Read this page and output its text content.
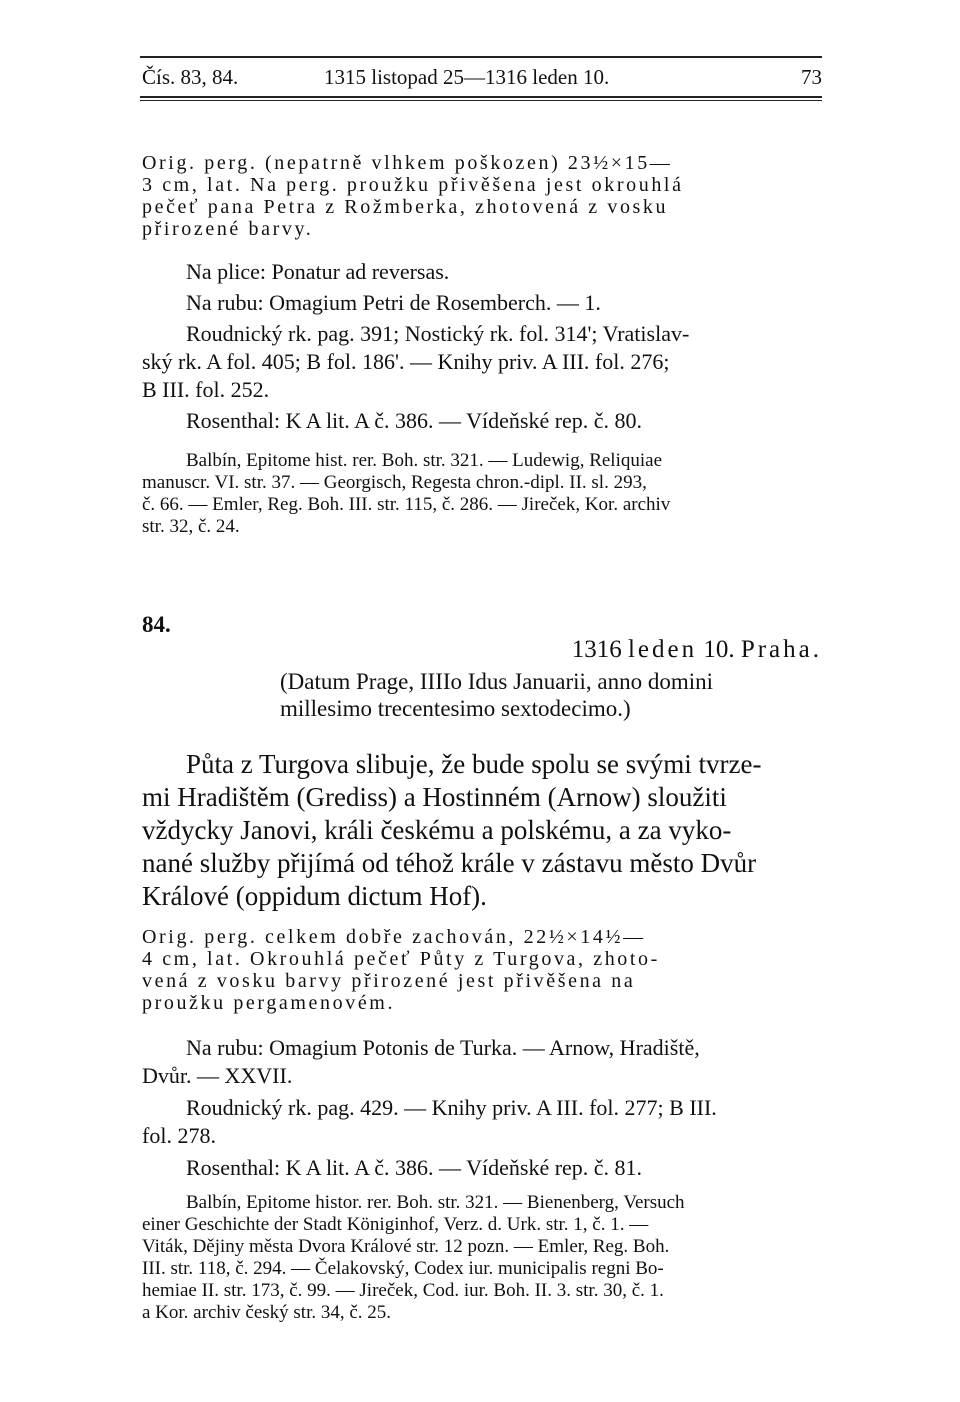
Čís. 83, 84.	1315 listopad 25—1316 leden 10.	73
Orig. perg. (nepatrně vlhkem poškozen) 23½×15—
3 cm, lat. Na perg. proužku přivěšena jest okrouhlá
pečeť pana Petra z Rožmberka, zhotovená z vosku
přirozené barvy.

Na plice: Ponatur ad reversas.

Na rubu: Omagium Petri de Rosemberch. — 1.

Roudnický rk. pag. 391; Nostický rk. fol. 314'; Vratislav-

ský rk. A fol. 405; B fol. 186'. — Knihy priv. A III. fol. 276;
B III. fol. 252.

Rosenthal: K A lit. A č. 386. — Vídeňské rep. č. 80.

Balbín, Epitome hist. rer. Boh. str. 321. — Ludewig, Reliquiae

manuscr. VI. str. 37. — Georgisch, Regesta chron.-dipl. II. sl. 293,
č. 66. — Emler, Reg. Boh. III. str. 115, č. 286. — Jireček, Kor. archiv
str. 32, č. 24.
84.
1316 leden 10. Praha.
(Datum Prage, IIIIo Idus Januarii, anno domini
millesimo trecentesimo sextodecimo.)
Půta z Turgova slibuje, že bude spolu se svými tvrze-
mi Hradištěm (Grediss) a Hostinném (Arnow) sloužiti
vždycky Janovi, králi českému a polskému, a za vyko-
nané služby přijímá od téhož krále v zástavu město Dvůr
Králové (oppidum dictum Hof).
Orig. perg. celkem dobře zachován, 22½×14½—
4 cm, lat. Okrouhlá pečeť Půty z Turgova, zhoto-
vená z vosku barvy přirozené jest přivěšena na
proužku pergamenovém.

Na rubu: Omagium Potonis de Turka. — Arnow, Hradiště,

Dvůr. — XXVII.

Roudnický rk. pag. 429. — Knihy priv. A III. fol. 277; B III.

fol. 278.

Rosenthal: K A lit. A č. 386. — Vídeňské rep. č. 81.

Balbín, Epitome histor. rer. Boh. str. 321. — Bienenberg, Versuch

einer Geschichte der Stadt Königinhof, Verz. d. Urk. str. 1, č. 1. —
Viták, Dějiny města Dvora Králové str. 12 pozn. — Emler, Reg. Boh.
III. str. 118, č. 294. — Čelakovský, Codex iur. municipalis regni Bo-
hemiae II. str. 173, č. 99. — Jireček, Cod. iur. Boh. II. 3. str. 30, č. 1.
a Kor. archiv český str. 34, č. 25.
